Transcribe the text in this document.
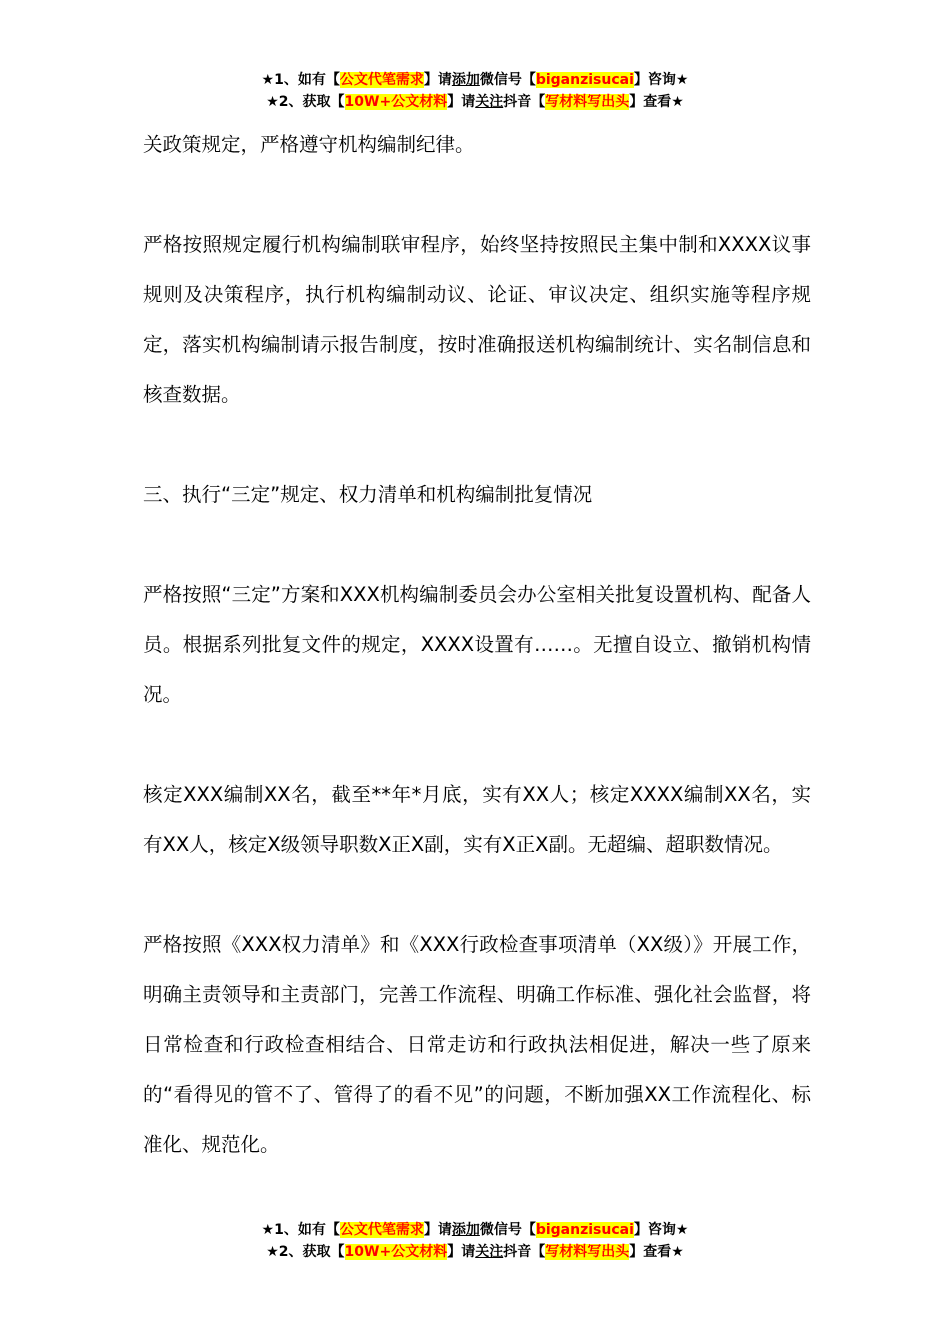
★1、如有【公文代笔需求】请添加微信号【biganzisucai】咨询★
★2、获取【10W+公文材料】请关注抖音【写材料写出头】查看★

关政策规定，严格遵守机构编制纪律。

严格按照规定履行机构编制联审程序，始终坚持按照民主集中制和XXXX议事规则及决策程序，执行机构编制动议、论证、审议决定、组织实施等程序规定，落实机构编制请示报告制度，按时准确报送机构编制统计、实名制信息和核查数据。

三、执行“三定”规定、权力清单和机构编制批复情况

严格按照“三定”方案和XXX机构编制委员会办公室相关批复设置机构、配备人员。根据系列批复文件的规定，XXXX设置有……。无擅自设立、撤销机构情况。

核定XXX编制XX名，截至**年*月底，实有XX人；核定XXXX编制XX名，实有XX人，核定X级领导职数X正X副，实有X正X副。无超编、超职数情况。

严格按照《XXX权力清单》和《XXX行政检查事项清单（XX级）》开展工作，明确主责领导和主责部门，完善工作流程、明确工作标准、强化社会监督，将日常检查和行政检查相结合、日常走访和行政执法相促进，解决一些了原来的“看得见的管不了、管得了的看不见”的问题，不断加强XX工作流程化、标准化、规范化。

★1、如有【公文代笔需求】请添加微信号【biganzisucai】咨询★
★2、获取【10W+公文材料】请关注抖音【写材料写出头】查看★
